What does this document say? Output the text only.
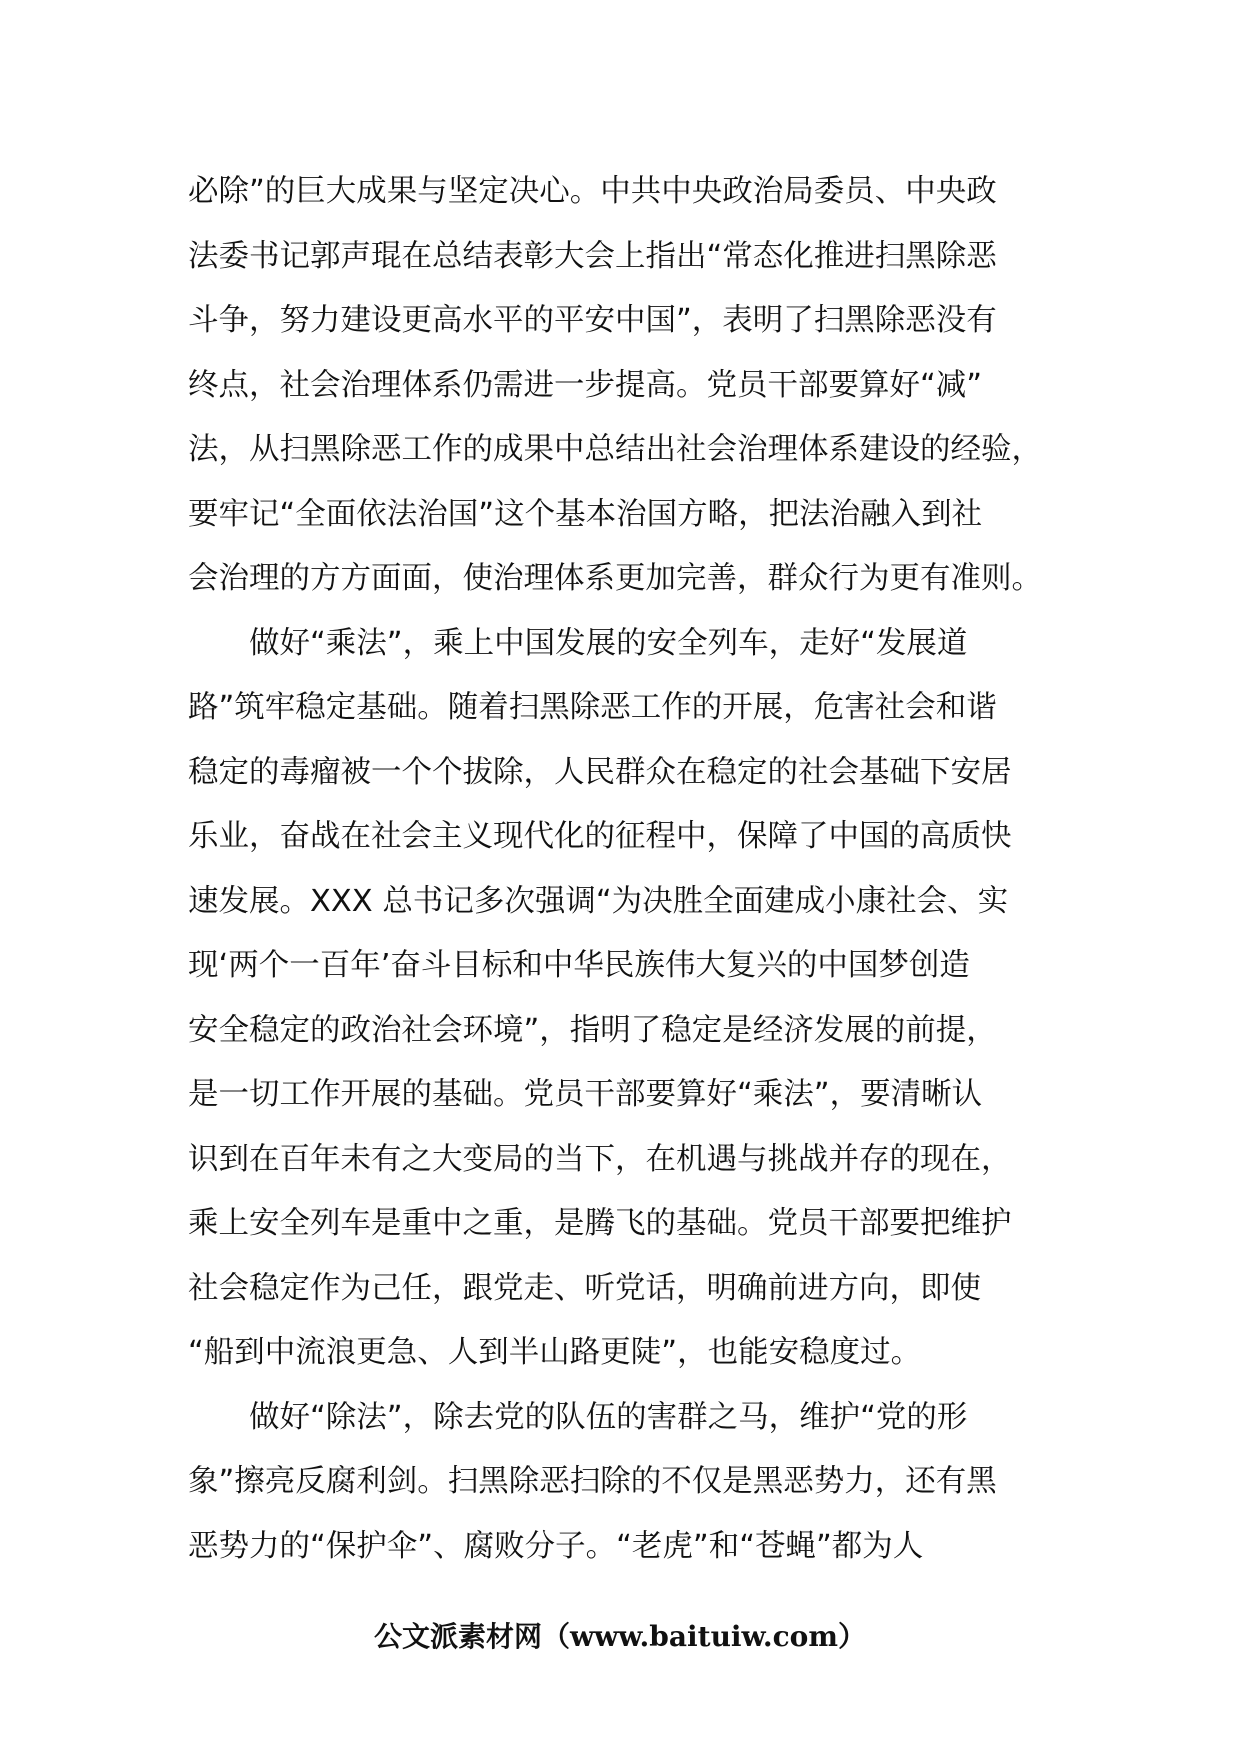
必除”的巨大成果与坚定决心。中共中央政治局委员、中央政
法委书记郭声琨在总结表彰大会上指出“常态化推进扫黑除恶
斗争，努力建设更高水平的平安中国”，表明了扫黑除恶没有
终点，社会治理体系仍需进一步提高。党员干部要算好“减”
法，从扫黑除恶工作的成果中总结出社会治理体系建设的经验，
要牢记“全面依法治国”这个基本治国方略，把法治融入到社
会治理的方方面面，使治理体系更加完善，群众行为更有准则。
做好“乘法”，乘上中国发展的安全列车，走好“发展道
路”筑牢稳定基础。随着扫黑除恶工作的开展，危害社会和谐
稳定的毒瘤被一个个拔除，人民群众在稳定的社会基础下安居
乐业，奋战在社会主义现代化的征程中，保障了中国的高质快
速发展。XXX 总书记多次强调“为决胜全面建成小康社会、实
现‘两个一百年’奋斗目标和中华民族伟大复兴的中国梦创造
安全稳定的政治社会环境”，指明了稳定是经济发展的前提，
是一切工作开展的基础。党员干部要算好“乘法”，要清晰认
识到在百年未有之大变局的当下，在机遇与挑战并存的现在，
乘上安全列车是重中之重，是腾飞的基础。党员干部要把维护
社会稳定作为己任，跟党走、听党话，明确前进方向，即使
“船到中流浪更急、人到半山路更陡”，也能安稳度过。
做好“除法”，除去党的队伍的害群之马，维护“党的形
象”擦亮反腐利剑。扫黑除恶扫除的不仅是黑恶势力，还有黑
恶势力的“保护伞”、腐败分子。“老虎”和“苍蝇”都为人
公文派素材网（www.baituiw.com）
